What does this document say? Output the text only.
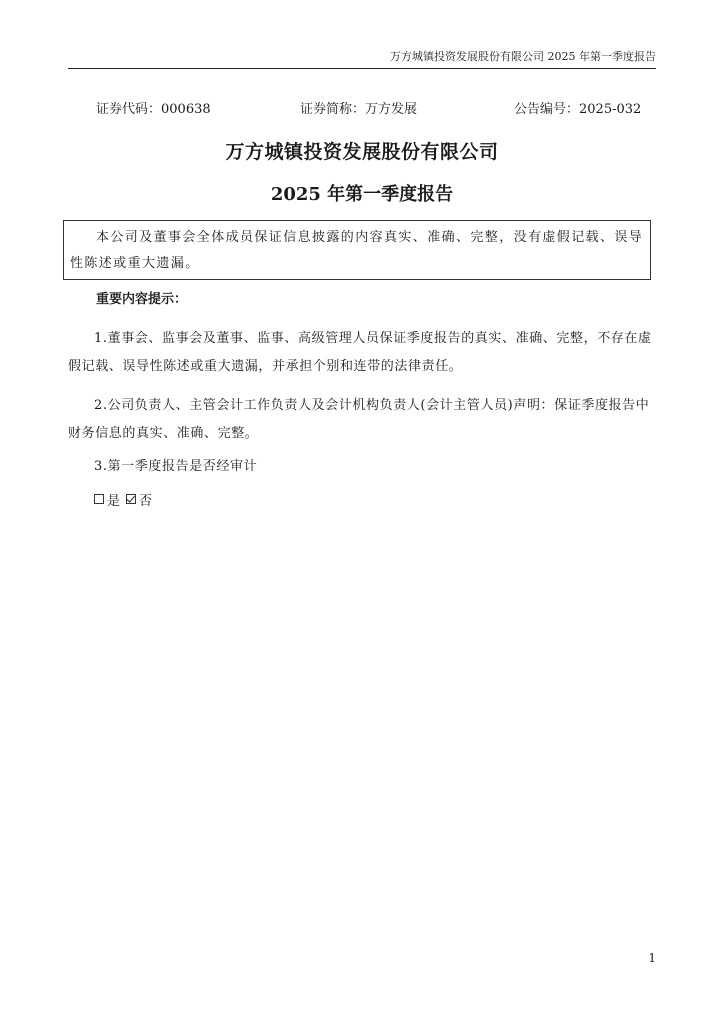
万方城镇投资发展股份有限公司 2025 年第一季度报告
证券代码：000638	证券简称：万方发展	公告编号：2025-032
万方城镇投资发展股份有限公司
2025 年第一季度报告
本公司及董事会全体成员保证信息披露的内容真实、准确、完整，没有虚假记载、误导性陈述或重大遗漏。
重要内容提示：
1.董事会、监事会及董事、监事、高级管理人员保证季度报告的真实、准确、完整，不存在虚假记载、误导性陈述或重大遗漏，并承担个别和连带的法律责任。
2.公司负责人、主管会计工作负责人及会计机构负责人(会计主管人员)声明：保证季度报告中财务信息的真实、准确、完整。
3.第一季度报告是否经审计
是 否
1
